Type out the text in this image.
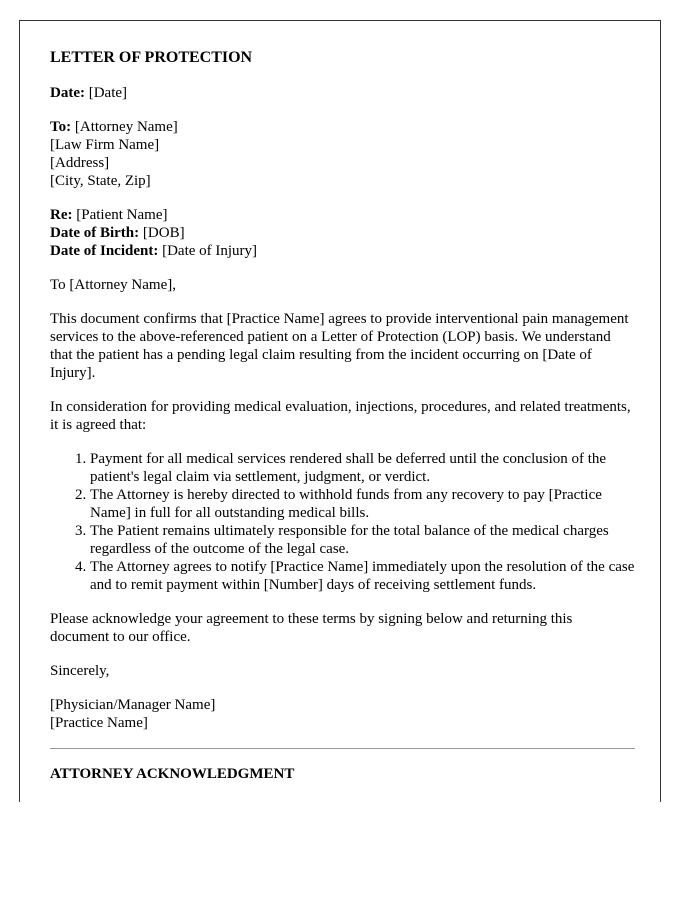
LETTER OF PROTECTION
Date: [Date]
To: [Attorney Name]
[Law Firm Name]
[Address]
[City, State, Zip]
Re: [Patient Name]
Date of Birth: [DOB]
Date of Incident: [Date of Injury]

To [Attorney Name],

This document confirms that [Practice Name] agrees to provide interventional pain management services to the above-referenced patient on a Letter of Protection (LOP) basis. We understand that the patient has a pending legal claim resulting from the incident occurring on [Date of Injury].

In consideration for providing medical evaluation, injections, procedures, and related treatments, it is agreed that:

1. Payment for all medical services rendered shall be deferred until the conclusion of the patient's legal claim via settlement, judgment, or verdict.
2. The Attorney is hereby directed to withhold funds from any recovery to pay [Practice Name] in full for all outstanding medical bills.
3. The Patient remains ultimately responsible for the total balance of the medical charges regardless of the outcome of the legal case.
4. The Attorney agrees to notify [Practice Name] immediately upon the resolution of the case and to remit payment within [Number] days of receiving settlement funds.

Please acknowledge your agreement to these terms by signing below and returning this document to our office.

Sincerely,

[Physician/Manager Name]
[Practice Name]
ATTORNEY ACKNOWLEDGMENT
